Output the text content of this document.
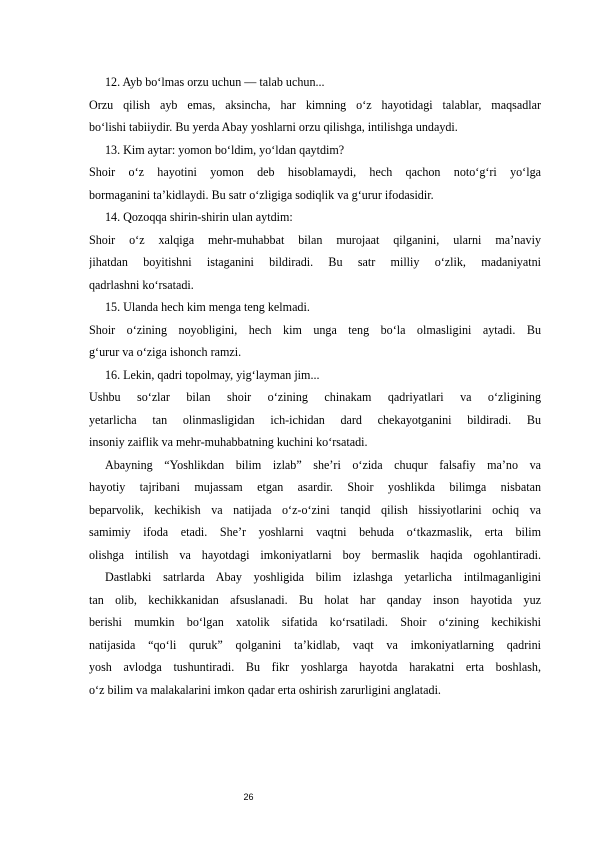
12. Ayb bo‘lmas orzu uchun — talab uchun...
Orzu qilish ayb emas, aksincha, har kimning o‘z hayotidagi talablar, maqsadlar
bo‘lishi tabiiydir. Bu yerda Abay yoshlarni orzu qilishga, intilishga undaydi.
13. Kim aytar: yomon bo‘ldim, yo‘ldan qaytdim?
Shoir o‘z hayotini yomon deb hisoblamaydi, hech qachon noto‘g‘ri yo‘lga
bormaganini ta’kidlaydi. Bu satr o‘zligiga sodiqlik va g‘urur ifodasidir.
14. Qozoqqa shirin-shirin ulan aytdim:
Shoir o‘z xalqiga mehr-muhabbat bilan murojaat qilganini, ularni ma’naviy
jihatdan boyitishni istaganini bildiradi. Bu satr milliy o‘zlik, madaniyatni
qadrlashni ko‘rsatadi.
15. Ulanda hech kim menga teng kelmadi.
Shoir o‘zining noyobligini, hech kim unga teng bo‘la olmasligini aytadi. Bu
g‘urur va o‘ziga ishonch ramzi.
16. Lekin, qadri topolmay, yig‘layman jim...
Ushbu so‘zlar bilan shoir o‘zining chinakam qadriyatlari va o‘zligining
yetarlicha tan olinmasligidan ich-ichidan dard chekayotganini bildiradi. Bu
insoniy zaiflik va mehr-muhabbatning kuchini ko‘rsatadi.
Abayning “Yoshlikdan bilim izlab” she’ri o‘zida chuqur falsafiy ma’no va
hayotiy tajribani mujassam etgan asardir. Shoir yoshlikda bilimga nisbatan
beparvolik, kechikish va natijada o‘z-o‘zini tanqid qilish hissiyotlarini ochiq va
samimiy ifoda etadi. She’r yoshlarni vaqtni behuda o‘tkazmaslik, erta bilim
olishga intilish va hayotdagi imkoniyatlarni boy bermaslik haqida ogohlantiradi.
Dastlabki satrlarda Abay yoshligida bilim izlashga yetarlicha intilmaganligini
tan olib, kechikkanidan afsuslanadi. Bu holat har qanday inson hayotida yuz
berishi mumkin bo‘lgan xatolik sifatida ko‘rsatiladi. Shoir o‘zining kechikishi
natijasida “qo‘li quruk” qolganini ta’kidlab, vaqt va imkoniyatlarning qadrini
yosh avlodga tushuntiradi. Bu fikr yoshlarga hayotda harakatni erta boshlash,
o‘z bilim va malakalarini imkon qadar erta oshirish zarurligini anglatadi.
26
